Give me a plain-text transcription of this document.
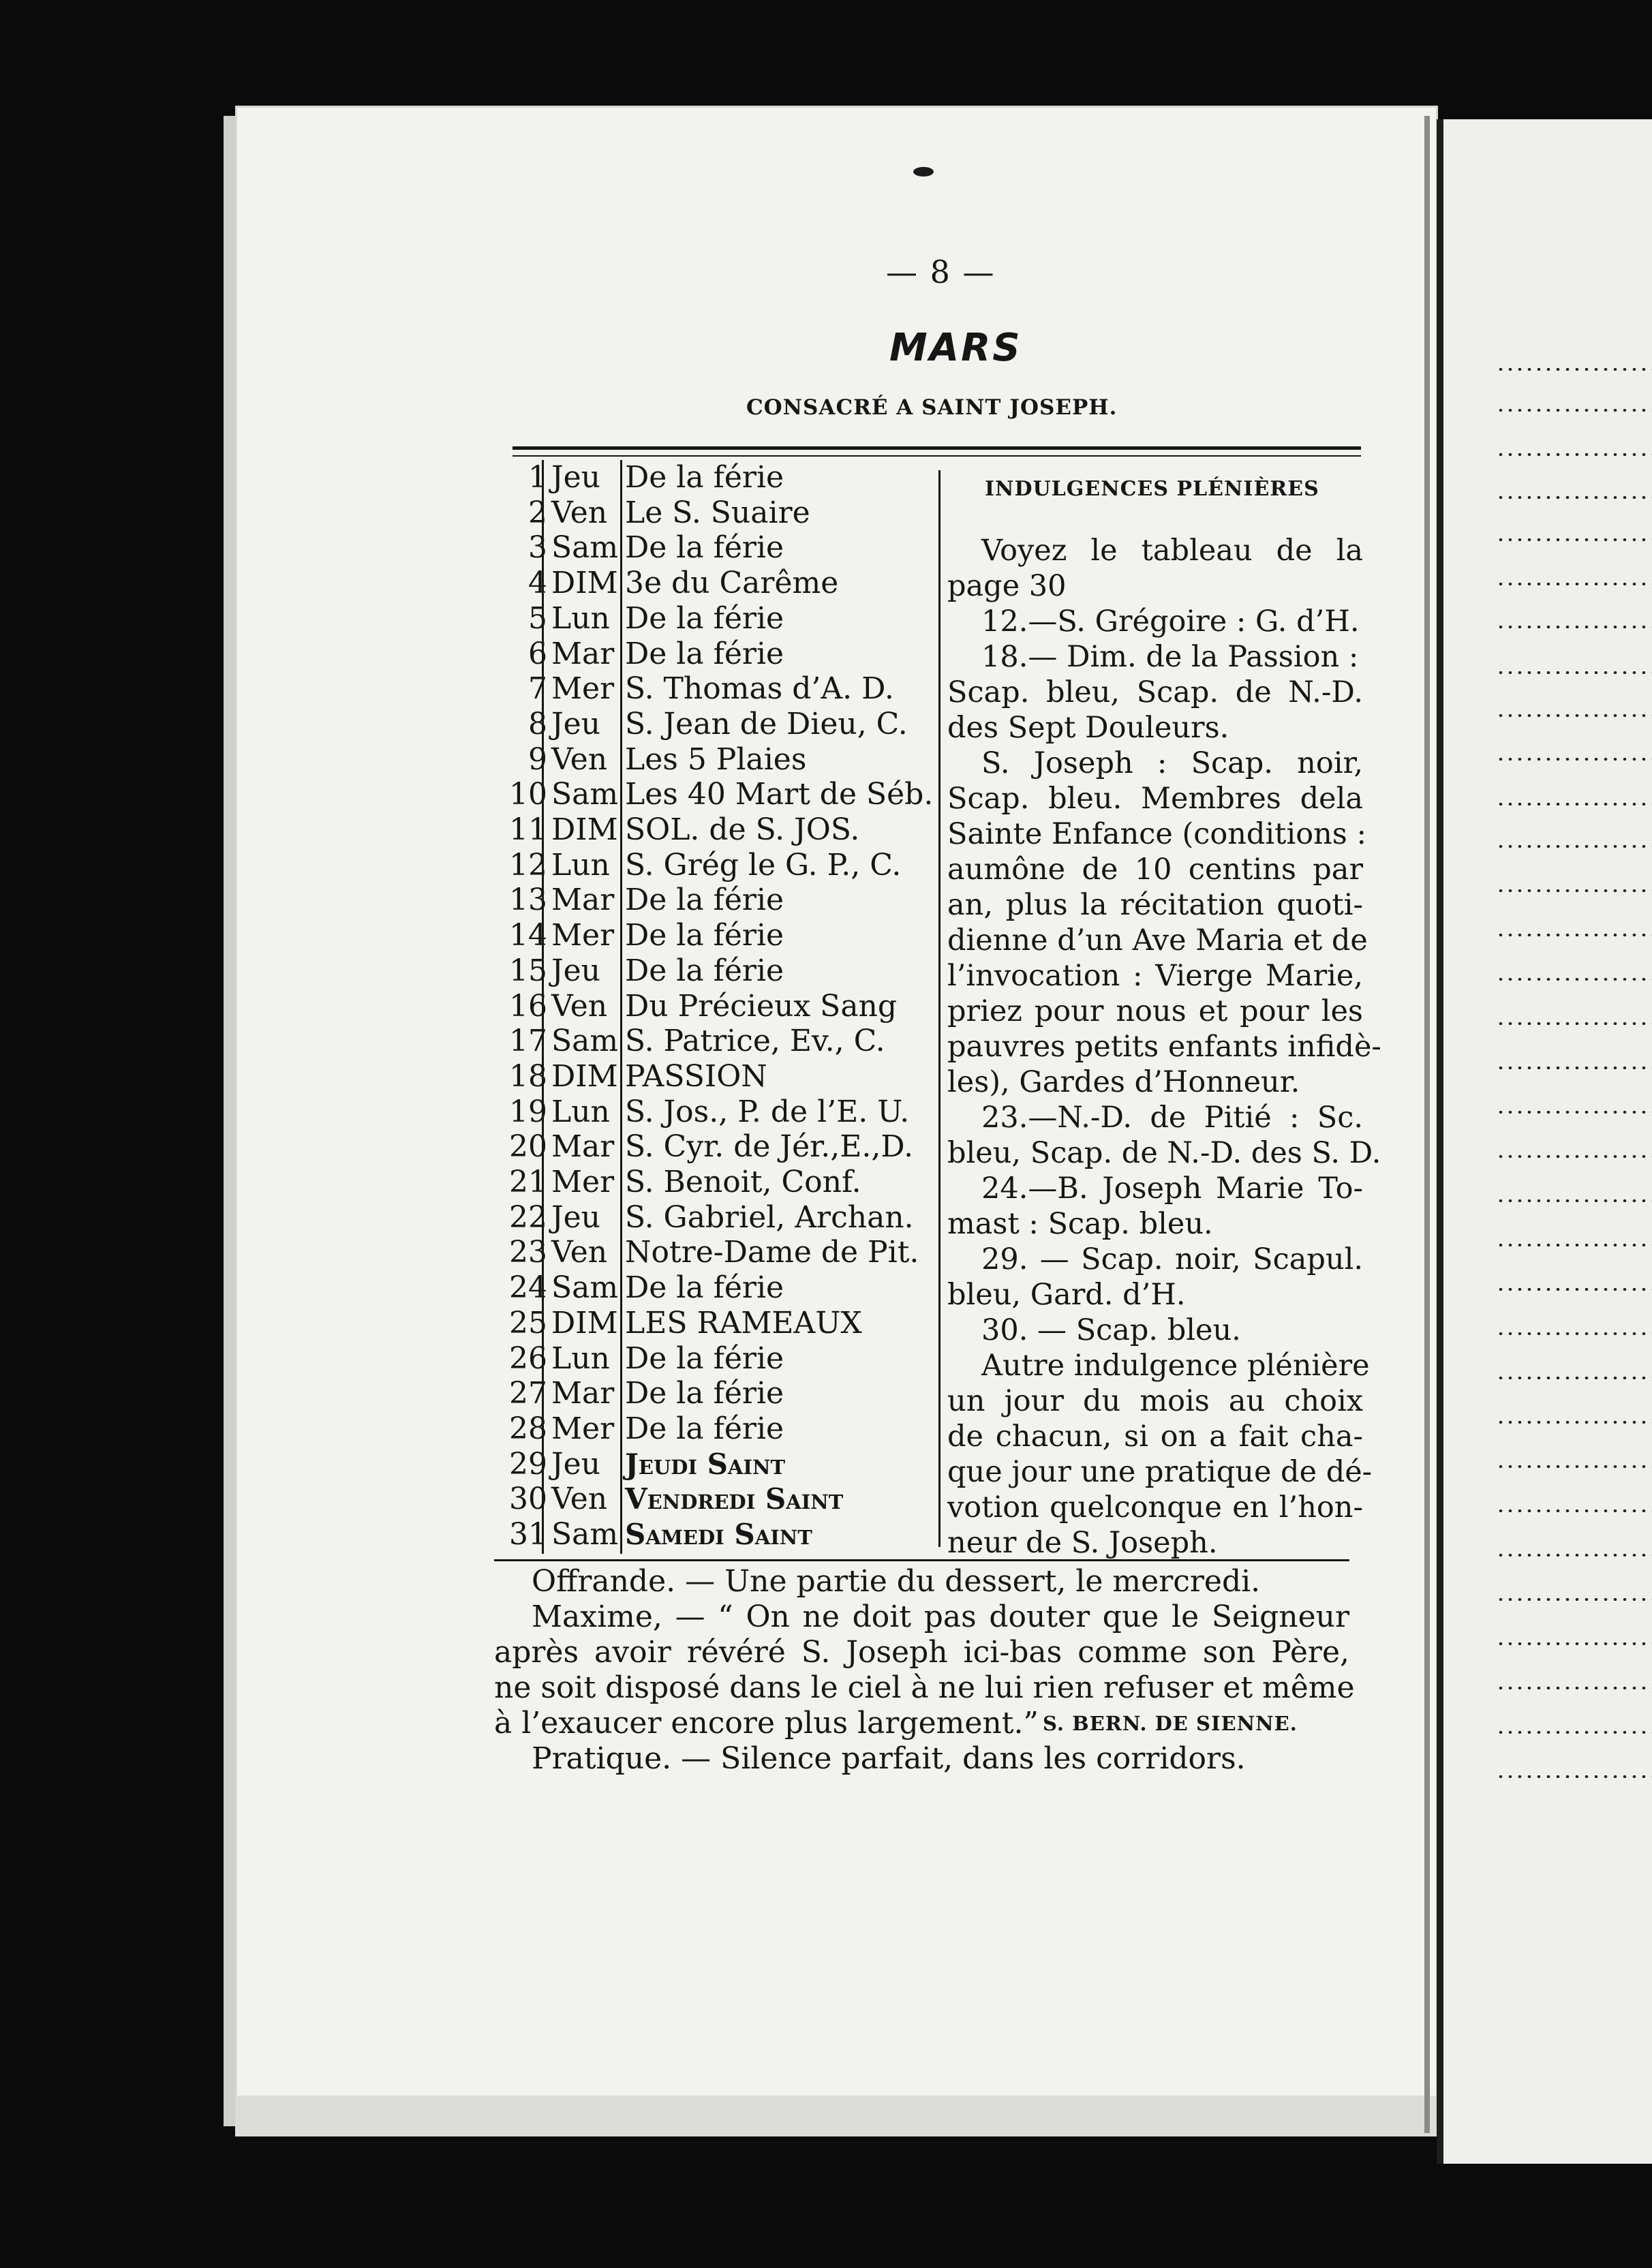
— 8 —
MARS
CONSACRÉ A SAINT JOSEPH.
1 Jeu De la férie
2 Ven Le S. Suaire
3 Sam De la férie
4 DIM 3e du Carême
5 Lun De la férie
6 Mar De la férie
7 Mer S. Thomas d’A. D.
8 Jeu S. Jean de Dieu, C.
9 Ven Les 5 Plaies
10 Sam Les 40 Mart de Séb.
11 DIM SOL. de S. JOS.
12 Lun S. Grég le G. P., C.
13 Mar De la férie
14 Mer De la férie
15 Jeu De la férie
16 Ven Du Précieux Sang
17 Sam S. Patrice, Ev., C.
18 DIM PASSION
19 Lun S. Jos., P. de l’E. U.
20 Mar S. Cyr. de Jér.,E.,D.
21 Mer S. Benoit, Conf.
22 Jeu S. Gabriel, Archan.
23 Ven Notre-Dame de Pit.
24 Sam De la férie
25 DIM LES RAMEAUX
26 Lun De la férie
27 Mar De la férie
28 Mer De la férie
29 Jeu Jeudi Saint
30 Ven Vendredi Saint
31 Sam Samedi Saint
INDULGENCES PLÉNIÈRES
Voyez le tableau de la
page 30
12.—S. Grégoire : G. d’H.
18.— Dim. de la Passion :
Scap. bleu, Scap. de N.-D.
des Sept Douleurs.
S. Joseph : Scap. noir,
Scap. bleu. Membres dela
Sainte Enfance (conditions :
aumône de 10 centins par
an, plus la récitation quoti-
dienne d’un Ave Maria et de
l’invocation : Vierge Marie,
priez pour nous et pour les
pauvres petits enfants infidè-
les), Gardes d’Honneur.
23.—N.-D. de Pitié : Sc.
bleu, Scap. de N.-D. des S. D.
24.—B. Joseph Marie To-
mast : Scap. bleu.
29. — Scap. noir, Scapul.
bleu, Gard. d’H.
30. — Scap. bleu.
Autre indulgence plénière
un jour du mois au choix
de chacun, si on a fait cha-
que jour une pratique de dé-
votion quelconque en l’hon-
neur de S. Joseph.
Offrande. — Une partie du dessert, le mercredi.
Maxime, — “ On ne doit pas douter que le Seigneur
après avoir révéré S. Joseph ici-bas comme son Père,
ne soit disposé dans le ciel à ne lui rien refuser et même
à l’exaucer encore plus largement.” S. BERN. DE SIENNE.
Pratique. — Silence parfait, dans les corridors.
